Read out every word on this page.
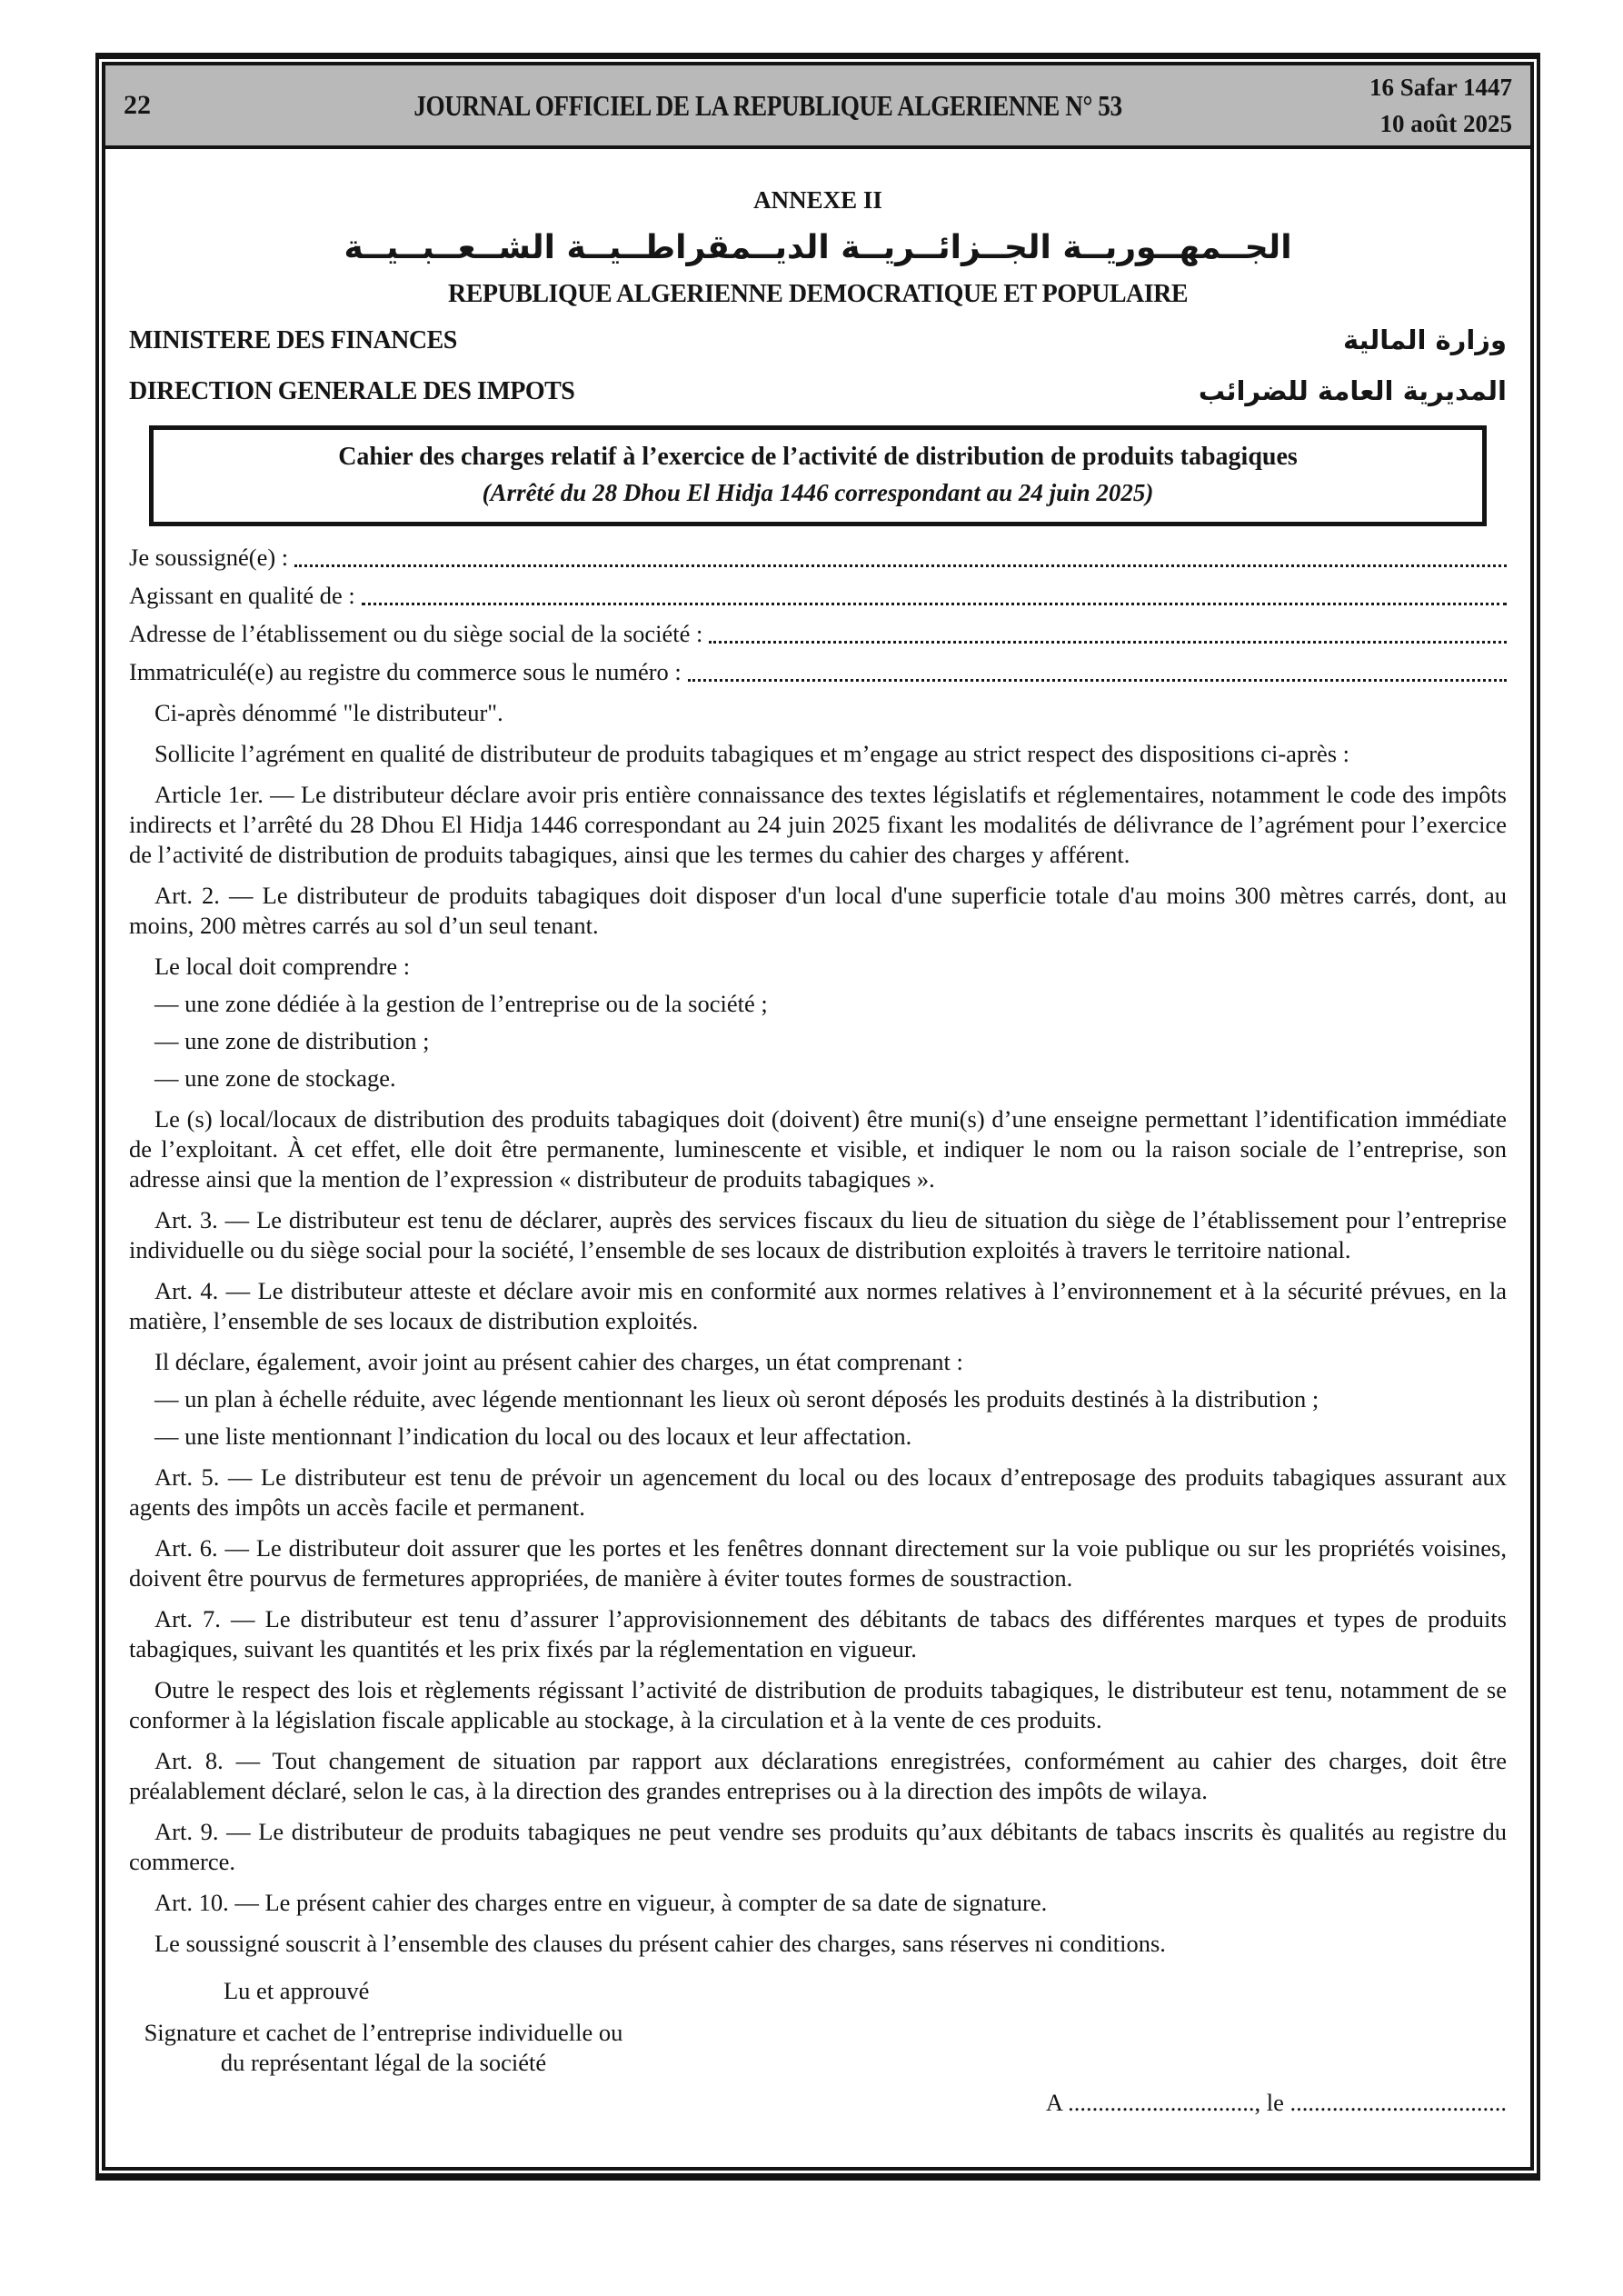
22	JOURNAL OFFICIEL DE LA REPUBLIQUE ALGERIENNE N° 53
16 Safar 1447
10 août 2025
ANNEXE II
الجــمهــوريــة الجــزائــريــة الديــمقراطــيــة الشــعــبــيــة
REPUBLIQUE ALGERIENNE DEMOCRATIQUE ET POPULAIRE
MINISTERE DES FINANCES	وزارة المالية
DIRECTION GENERALE DES IMPOTS	المديرية العامة للضرائب
Cahier des charges relatif à l’exercice de l’activité de distribution de produits tabagiques
(Arrêté du 28 Dhou El Hidja 1446 correspondant au 24 juin 2025)
Je soussigné(e) :
Agissant en qualité de :
Adresse de l’établissement ou du siège social de la société :
Immatriculé(e) au registre du commerce sous le numéro :

Ci-après dénommé "le distributeur".

Sollicite l’agrément en qualité de distributeur de produits tabagiques et m’engage au strict respect des dispositions ci-après :

Article 1er. — Le distributeur déclare avoir pris entière connaissance des textes législatifs et réglementaires, notamment le code des impôts indirects et l’arrêté du 28 Dhou El Hidja 1446 correspondant au 24 juin 2025 fixant les modalités de délivrance de l’agrément pour l’exercice de l’activité de distribution de produits tabagiques, ainsi que les termes du cahier des charges y afférent.

Art. 2. — Le distributeur de produits tabagiques doit disposer d'un local d'une superficie totale d'au moins 300 mètres carrés, dont, au moins, 200 mètres carrés au sol d’un seul tenant.

Le local doit comprendre :

— une zone dédiée à la gestion de l’entreprise ou de la société ;

— une zone de distribution ;

— une zone de stockage.

Le (s) local/locaux de distribution des produits tabagiques doit (doivent) être muni(s) d’une enseigne permettant l’identification immédiate de l’exploitant. À cet effet, elle doit être permanente, luminescente et visible, et indiquer le nom ou la raison sociale de l’entreprise, son adresse ainsi que la mention de l’expression « distributeur de produits tabagiques ».

Art. 3. — Le distributeur est tenu de déclarer, auprès des services fiscaux du lieu de situation du siège de l’établissement pour l’entreprise individuelle ou du siège social pour la société, l’ensemble de ses locaux de distribution exploités à travers le territoire national.

Art. 4. — Le distributeur atteste et déclare avoir mis en conformité aux normes relatives à l’environnement et à la sécurité prévues, en la matière, l’ensemble de ses locaux de distribution exploités.

Il déclare, également, avoir joint au présent cahier des charges, un état comprenant :

— un plan à échelle réduite, avec légende mentionnant les lieux où seront déposés les produits destinés à la distribution ;

— une liste mentionnant l’indication du local ou des locaux et leur affectation.

Art. 5. — Le distributeur est tenu de prévoir un agencement du local ou des locaux d’entreposage des produits tabagiques assurant aux agents des impôts un accès facile et permanent.

Art. 6. — Le distributeur doit assurer que les portes et les fenêtres donnant directement sur la voie publique ou sur les propriétés voisines, doivent être pourvus de fermetures appropriées, de manière à éviter toutes formes de soustraction.

Art. 7. — Le distributeur est tenu d’assurer l’approvisionnement des débitants de tabacs des différentes marques et types de produits tabagiques, suivant les quantités et les prix fixés par la réglementation en vigueur.

Outre le respect des lois et règlements régissant l’activité de distribution de produits tabagiques, le distributeur est tenu, notamment de se conformer à la législation fiscale applicable au stockage, à la circulation et à la vente de ces produits.

Art. 8. — Tout changement de situation par rapport aux déclarations enregistrées, conformément au cahier des charges, doit être préalablement déclaré, selon le cas, à la direction des grandes entreprises ou à la direction des impôts de wilaya.

Art. 9. — Le distributeur de produits tabagiques ne peut vendre ses produits qu’aux débitants de tabacs inscrits ès qualités au registre du commerce.

Art. 10. — Le présent cahier des charges entre en vigueur, à compter de sa date de signature.

Le soussigné souscrit à l’ensemble des clauses du présent cahier des charges, sans réserves ni conditions.

Lu et approuvé

Signature et cachet de l’entreprise individuelle ou
du représentant légal de la société
A ..............................., le ....................................
